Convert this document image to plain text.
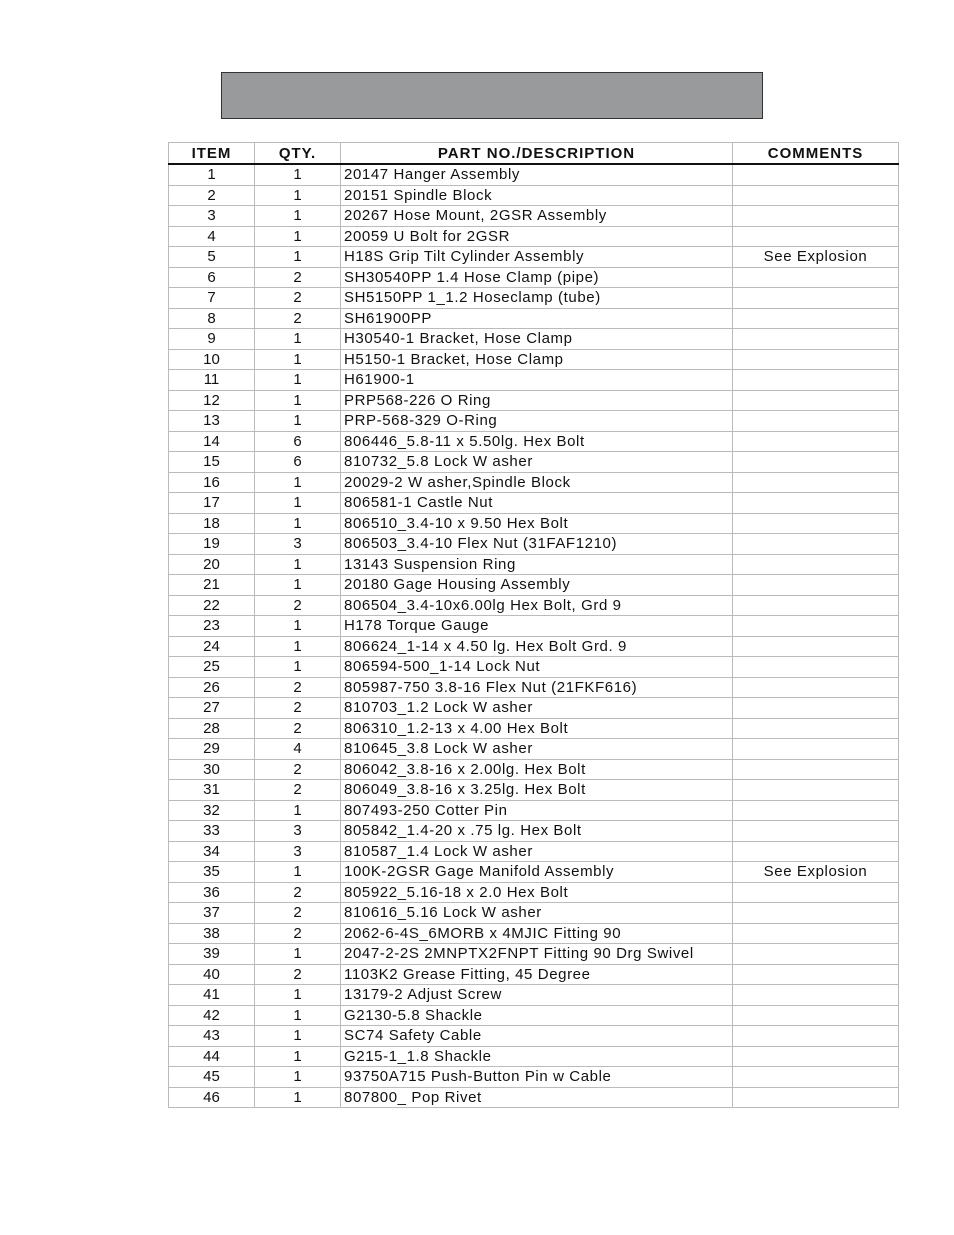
ITEM	QTY.	PART NO./DESCRIPTION	COMMENTS
1	1	20147 Hanger Assembly	
2	1	20151 Spindle Block	
3	1	20267 Hose Mount, 2GSR Assembly	
4	1	20059 U Bolt for 2GSR	
5	1	H18S Grip Tilt Cylinder Assembly	See Explosion
6	2	SH30540PP 1.4 Hose Clamp (pipe)	
7	2	SH5150PP 1_1.2 Hoseclamp (tube)	
8	2	SH61900PP	
9	1	H30540-1 Bracket, Hose Clamp	
10	1	H5150-1 Bracket, Hose Clamp	
11	1	H61900-1	
12	1	PRP568-226 O Ring	
13	1	PRP-568-329 O-Ring	
14	6	806446_5.8-11 x 5.50lg. Hex Bolt	
15	6	810732_5.8 Lock W asher	
16	1	20029-2 W asher,Spindle Block	
17	1	806581-1 Castle Nut	
18	1	806510_3.4-10 x 9.50 Hex Bolt	
19	3	806503_3.4-10 Flex Nut (31FAF1210)	
20	1	13143 Suspension Ring	
21	1	20180 Gage Housing Assembly	
22	2	806504_3.4-10x6.00lg Hex Bolt, Grd 9	
23	1	H178 Torque Gauge	
24	1	806624_1-14 x 4.50 lg. Hex Bolt Grd. 9	
25	1	806594-500_1-14 Lock Nut	
26	2	805987-750 3.8-16 Flex Nut (21FKF616)	
27	2	810703_1.2 Lock W asher	
28	2	806310_1.2-13 x 4.00 Hex Bolt	
29	4	810645_3.8 Lock W asher	
30	2	806042_3.8-16 x 2.00lg. Hex Bolt	
31	2	806049_3.8-16 x 3.25lg. Hex Bolt	
32	1	807493-250 Cotter Pin	
33	3	805842_1.4-20 x .75 lg. Hex Bolt	
34	3	810587_1.4 Lock W asher	
35	1	100K-2GSR Gage Manifold Assembly	See Explosion
36	2	805922_5.16-18 x 2.0 Hex Bolt	
37	2	810616_5.16 Lock W asher	
38	2	2062-6-4S_6MORB x 4MJIC Fitting 90	
39	1	2047-2-2S 2MNPTX2FNPT Fitting 90 Drg Swivel	
40	2	1103K2 Grease Fitting, 45 Degree	
41	1	13179-2 Adjust Screw	
42	1	G2130-5.8 Shackle	
43	1	SC74 Safety Cable	
44	1	G215-1_1.8 Shackle	
45	1	93750A715 Push-Button Pin w Cable	
46	1	807800_ Pop Rivet	
